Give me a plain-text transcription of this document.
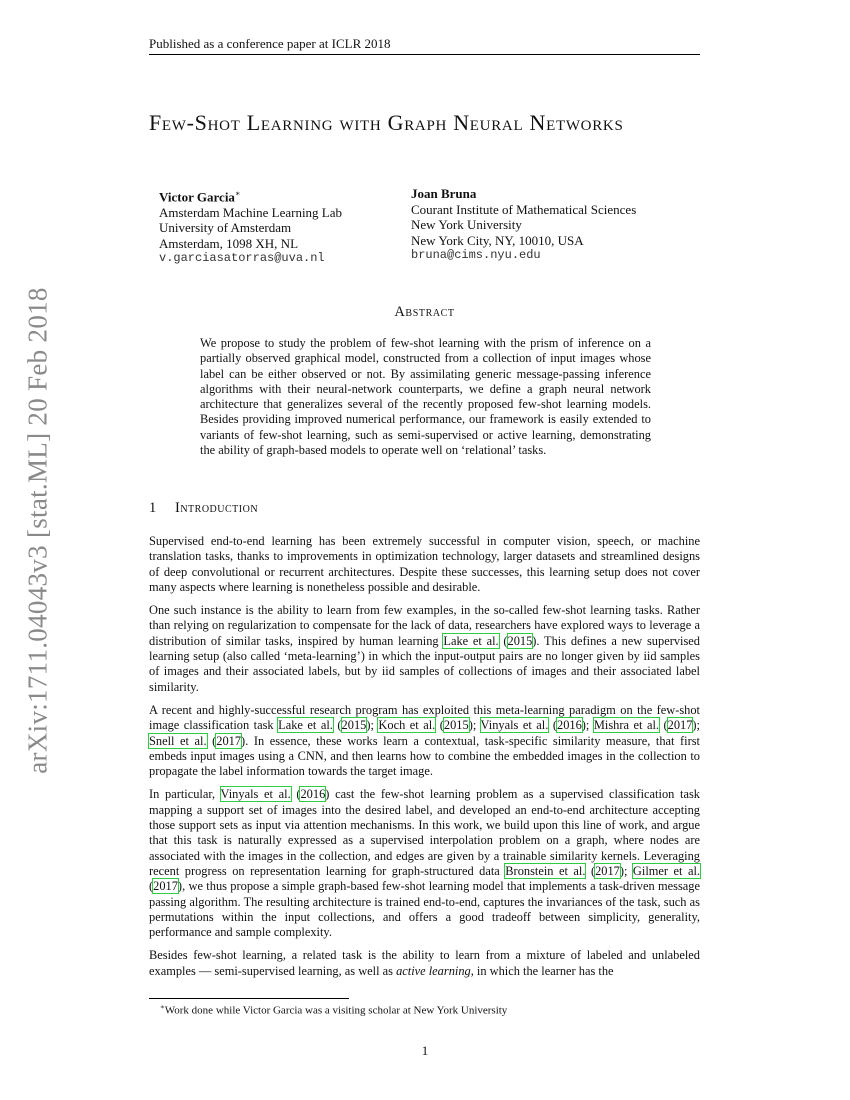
arXiv:1711.04043v3 [stat.ML] 20 Feb 2018
Published as a conference paper at ICLR 2018
Few-Shot Learning with Graph Neural Networks
Victor Garcia∗
Amsterdam Machine Learning Lab
University of Amsterdam
Amsterdam, 1098 XH, NL
v.garciasatorras@uva.nl
Joan Bruna
Courant Institute of Mathematical Sciences
New York University
New York City, NY, 10010, USA
bruna@cims.nyu.edu
Abstract
We propose to study the problem of few-shot learning with the prism of inference on a partially observed graphical model, constructed from a collection of input images whose label can be either observed or not. By assimilating generic message-passing inference algorithms with their neural-network counterparts, we define a graph neural network architecture that generalizes several of the recently proposed few-shot learning models. Besides providing improved numerical performance, our framework is easily extended to variants of few-shot learning, such as semi-supervised or active learning, demonstrating the ability of graph-based models to operate well on ‘relational’ tasks.
1 Introduction

Supervised end-to-end learning has been extremely successful in computer vision, speech, or machine translation tasks, thanks to improvements in optimization technology, larger datasets and streamlined designs of deep convolutional or recurrent architectures. Despite these successes, this learning setup does not cover many aspects where learning is nonetheless possible and desirable.

One such instance is the ability to learn from few examples, in the so-called few-shot learning tasks. Rather than relying on regularization to compensate for the lack of data, researchers have explored ways to leverage a distribution of similar tasks, inspired by human learning Lake et al. (2015). This defines a new supervised learning setup (also called ‘meta-learning’) in which the input-output pairs are no longer given by iid samples of images and their associated labels, but by iid samples of collections of images and their associated label similarity.

A recent and highly-successful research program has exploited this meta-learning paradigm on the few-shot image classification task Lake et al. (2015); Koch et al. (2015); Vinyals et al. (2016); Mishra et al. (2017); Snell et al. (2017). In essence, these works learn a contextual, task-specific similarity measure, that first embeds input images using a CNN, and then learns how to combine the embedded images in the collection to propagate the label information towards the target image.

In particular, Vinyals et al. (2016) cast the few-shot learning problem as a supervised classification task mapping a support set of images into the desired label, and developed an end-to-end architecture accepting those support sets as input via attention mechanisms. In this work, we build upon this line of work, and argue that this task is naturally expressed as a supervised interpolation problem on a graph, where nodes are associated with the images in the collection, and edges are given by a trainable similarity kernels. Leveraging recent progress on representation learning for graph-structured data Bronstein et al. (2017); Gilmer et al. (2017), we thus propose a simple graph-based few-shot learning model that implements a task-driven message passing algorithm. The resulting architecture is trained end-to-end, captures the invariances of the task, such as permutations within the input collections, and offers a good tradeoff between simplicity, generality, performance and sample complexity.

Besides few-shot learning, a related task is the ability to learn from a mixture of labeled and unlabeled examples — semi-supervised learning, as well as active learning, in which the learner has the

∗Work done while Victor Garcia was a visiting scholar at New York University
1
